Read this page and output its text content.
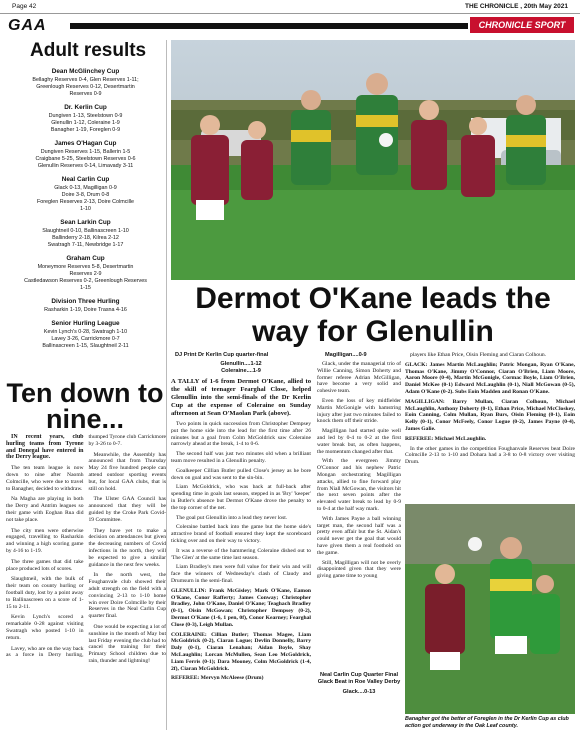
Page 42	THE CHRONICLE , 20th May 2021
GAA	CHRONICLE SPORT
Adult results
Dean McGlinchey Cup
Bellaghy Reserves 0-4, Glen Reserves 1-11;
Greenlough Reserves 0-12, Desertmartin
Reserves 0-9
Dr. Kerlin Cup
Dungiven 1-13, Steelstown 0-9
Glenullin 1-12, Coleraine 1-9
Banagher 1-19, Foreglen 0-9
James O'Hagan Cup
Dungiven Reserves 1-15, Ballerin 1-5
Craigbane 5-25, Steelstown Reserves 0-6
Glenullin Reserves 0-14, Limavady 3-11
Neal Carlin Cup
Glack 0-13, Magilligan 0-9
Doire 3-8, Drum 0-8
Foreglen Reserves 2-13, Doire Colmcille
1-10
Sean Larkin Cup
Slaughtneil 0-10, Ballinascreen 1-10
Ballinderry 2-18, Kilrea 2-12
Swatragh 7-11, Newbridge 1-17
Graham Cup
Moneymore Reserves 5-8, Desertmartin
Reserves 2-9
Castledawson Reserves 0-2, Greenlough Reserves
1-15
Division Three Hurling
Rasharkin 1-19, Doire Trasna 4-16
Senior Hurling League
Kevin Lynch's 0-28, Swatragh 1-10
Lavey 3-26, Carrickmore 0-7
Ballinascreen 1-15, Slaughtneil 2-11
Ten down to nine...

IN recent years, club hurling teams from Tyrone and Donegal have entered in the Derry league.

The ten team league is now down to nine after Naomh Colmcille, who were due to travel to Banagher, decided to withdraw.

Na Magha are playing in both the Derry and Antrim leagues so their game with Eoghan Rua did not take place.

The city men were otherwise engaged, travelling to Rasharkin and winning a high scoring game by 4-16 to 1-19.

The three games that did take place produced lots of scores.

Slaughtneil, with the bulk of their team on county hurling or football duty, lost by a point away to Ballinascreen on a score of 1-15 to 2-11.

Kevin Lynch's scored a remarkable 0-28 against visiting Swatragh who posted 1-10 in return.

Lavey, who are on the way back as a force in Derry hurling, thumped Tyrone club Carrickmore by 3-26 to 0-7.

Meanwhile, the Assembly has announced that from Thursday May 24 five hundred people can attend outdoor sporting events but, for local GAA clubs, that is still on hold.

The Ulster GAA Council has announced that they will be guided by the Croke Park Covid-19 Committee.

They have yet to make a decision on attendances but given the decreasing numbers of Covid infections in the north, they will be expected to give a similar guidance in the next few weeks.

In the north west, the Foughanvale club showed their adult strength on the field with a convincing 2-13 to 1-10 home win over Doire Colmcille by their Reserves in the Neal Carlin Cup quarter final.

One would be expecting a lot of sunshine in the month of May but last Friday evening the club had to cancel the training for their Primary School children due to rain, thunder and lightning!

Dermot O'Kane leads the way for Glenullin
DJ Print Dr Kerlin Cup quarter-final	Magilligan....0-9
Glenullin....1-12
Coleraine....1-9

A TALLY of 1-6 from Dermot O'Kane, allied to the skill of teenager Fearghal Close, helped Glenullin into the semi-finals of the Dr Kerlin Cup at the expense of Coleraine on Sunday afternoon at Sean O'Maolan Park (above).

Two points in quick succession from Christopher Dempsey put the home side into the lead for the first time after 26 minutes but a goal from Colm McGoldrick saw Coleraine narrowly ahead at the break, 1-4 to 0-6.

The second half was just two minutes old when a brilliant team move resulted in a Glenullin penalty.

Goalkeeper Cillian Butler pulled Close's jersey as he bore down on goal and was sent to the sin-bin.

Liam McGoldrick, who was back at full-back after spending time in goals last season, stepped in as 'Bry' 'keeper' in Butler's absence but Dermot O'Kane drove the penalty to the top corner of the net.

The goal put Glenullin into a lead they never lost.

Coleraine battled back into the game but the home side's attractive brand of football ensured they kept the scoreboard ticking over and on their way to victory.

It was a reverse of the hammering Coleraine dished out to 'The Glen' at the same time last season.

Liam Bradley's men were full value for their win and will face the winners of Wednesday's clash of Claudy and Drumsurn in the semi-final.

GLENULLIN: Frank McGisley; Mark O'Kane, Eamon O'Kane, Conor Rafferty; James Conway; Christopher Bradley, John O'Kane, Daniel O'Kane; Teaghach Bradley (0-1), Oisin McGowan; Christopher Dempsey (0-2), Dermot O'Kane (1-6, 1 pen, 0f), Conor Kearney; Fearghal Close (0-3), Leigh Mullan.

COLERAINE: Cillian Butler; Thomas Magee, Liam McGoldrick (0-2), Ciaran Logue; Devlin Donnelly, Barry Daly (0-1), Ciaran Lenahan; Aidan Boyle, Shay McLaughlin; Lorcan McMullen, Sean Leo McGoldrick, Liam Ferris (0-1); Dara Mooney, Colm McGoldrick (1-4, 2f), Ciaran McGoldrick.

REFEREE: Mervyn McAleese (Drum)

Glack, under the managerial trio of Willie Canning, Simon Doherty and former referee Adrian McGilligan, have become a very solid and cohesive team.

Even the loss of key midfielder Martin McGonigle with hamstring injury after just two minutes failed to knock them off their stride.

Magilligan had started quite well and led by 0-4 to 0-2 at the first water break but, as often happens, the momentum changed after that.

With the evergreen Jimmy O'Connor and his nephew Patric Mongan orchestrating Magilligan attacks, allied to fine forward play from Niall McGowan, the visitors hit the next seven points after the elevated water break to lead by 0-9 to 0-4 at the half way mark.

With James Payne a ball winning target man, the second half was a pretty even affair but the St. Aidan's could never get the goal that would have given them a real foothold on the game.

Still, Magilligan will not be overly disappointed given that they were giving game time to young

Neal Carlin Cup Quarter Final
Glack Beat in Roe Valley Derby
Glack....0-13

players like Ethan Price, Oisin Fleming and Ciaran Colhoun.

GLACK: James Martin McLaughlin; Patric Mongan, Ryan O'Kane, Thomas O'Kane, Jimmy O'Connor, Ciaran O'Brien, Liam Moore, Aaron Moore (0-4), Martin McGonigle, Cormac Boyle, Liam O'Brien, Daniel McKee (0-1) Edward McLaughlin (0-1), Niall McGowan (0-5), Adam O'Kane (0-2). Subs Eoin Madden and Ronan O'Kane.

MAGILLIGAN: Barry Mullan, Ciaran Colhoun, Michael McLaughlin, Anthony Doherty (0-1), Ethan Price, Michael McCloskey, Eoin Canning, Colm Mullan, Ryan Burs, Oisin Fleming (0-1), Eoin Kelly (0-1), Conor McFeely, Conor Logue (0-2), James Payne (0-4), James Galie.

REFEREE: Michael McLaughlin.

In the other games in the competition Foughanvale Reserves beat Doire Colmcille 2-13 to 1-10 and Dohara had a 3-8 to 0-8 victory over visiting Drum.

Banagher got the better of Foreglen in the Dr Kerlin Cup as club action got underway in the Oak Leaf county.
